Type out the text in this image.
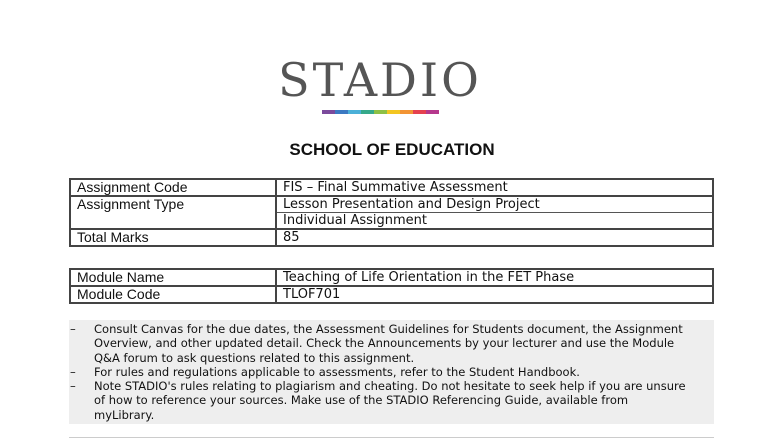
STADIO
SCHOOL OF EDUCATION
Assignment Code	FIS – Final Summative Assessment
Assignment Type	Lesson Presentation and Design Project
Individual Assignment

Total Marks	85
Module Name	Teaching of Life Orientation in the FET Phase
Module Code	TLOF701
– Consult Canvas for the due dates, the Assessment Guidelines for Students document, the Assignment
Overview, and other updated detail. Check the Announcements by your lecturer and use the Module
Q&A forum to ask questions related to this assignment.
– For rules and regulations applicable to assessments, refer to the Student Handbook.
– Note STADIO's rules relating to plagiarism and cheating. Do not hesitate to seek help if you are unsure
of how to reference your sources. Make use of the STADIO Referencing Guide, available from
myLibrary.
